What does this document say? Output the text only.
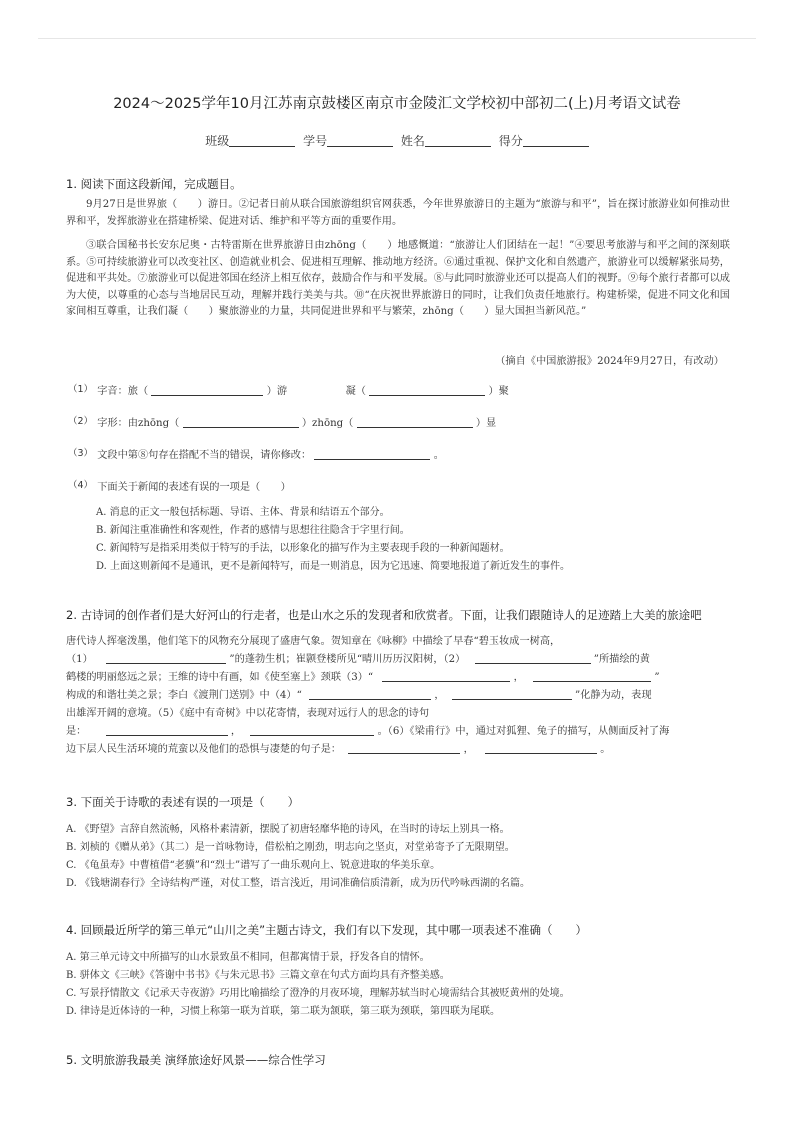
2024～2025学年10月江苏南京鼓楼区南京市金陵汇文学校初中部初二(上)月考语文试卷
班级	学号	姓名	得分
1. 阅读下面这段新闻，完成题目。

9月27日是世界旅（　　）游日。②记者日前从联合国旅游组织官网获悉，今年世界旅游日的主题为“旅游与和平”，旨在探讨旅游业如何推动世界和平，发挥旅游业在搭建桥梁、促进对话、维护和平等方面的重要作用。

③联合国秘书长安东尼奥・古特雷斯在世界旅游日由zhōng（　　）地感慨道：“旅游让人们团结在一起！”④要思考旅游与和平之间的深刻联系。⑤可持续旅游业可以改变社区、创造就业机会、促进相互理解、推动地方经济。⑥通过重视、保护文化和自然遗产，旅游业可以缓解紧张局势，促进和平共处。⑦旅游业可以促进邻国在经济上相互依存，鼓励合作与和平发展。⑧与此同时旅游业还可以提高人们的视野。⑨每个旅行者都可以成为大使，以尊重的心态与当地居民互动，理解并践行美美与共。⑩“在庆祝世界旅游日的同时，让我们负责任地旅行。构建桥梁，促进不同文化和国家间相互尊重，让我们凝（　　）聚旅游业的力量，共同促进世界和平与繁荣，zhōng（　　）显大国担当新风范。”

（摘自《中国旅游报》2024年9月27日，有改动）
（1） 字音：旅（	）游	凝（	）聚
（2） 字形：由zhōng（	）zhōng（	）显
（3） 文段中第⑧句存在搭配不当的错误，请你修改：	。
（4） 下面关于新闻的表述有误的一项是（　　）
A. 消息的正文一般包括标题、导语、主体、背景和结语五个部分。
B. 新闻注重准确性和客观性，作者的感情与思想往往隐含于字里行间。
C. 新闻特写是指采用类似于特写的手法，以形象化的描写作为主要表现手段的一种新闻题材。
D. 上面这则新闻不是通讯，更不是新闻特写，而是一则消息，因为它迅速、简要地报道了新近发生的事件。
2. 古诗词的创作者们是大好河山的行走者，也是山水之乐的发现者和欣赏者。下面，让我们跟随诗人的足迹踏上大美的旅途吧
唐代诗人挥毫泼墨，他们笔下的风物充分展现了盛唐气象。贺知章在《咏柳》中描绘了早春“碧玉妆成一树高，
（1）	”的蓬勃生机；崔颢登楼所见“晴川历历汉阳树，（2）	”所描绘的黄
鹤楼的明丽悠远之景；王维的诗中有画，如《使至塞上》颈联（3）“	，	”
构成的和谐壮美之景；李白《渡荆门送别》中（4）“	，	”化静为动，表现
出雄浑开阔的意境。（5）《庭中有奇树》中以花寄情，表现对远行人的思念的诗句
是：	，	。（6）《梁甫行》中，通过对狐狸、兔子的描写，从侧面反衬了海
边下层人民生活环境的荒蛮以及他们的恐惧与凄楚的句子是：	，	。
3. 下面关于诗歌的表述有误的一项是（　　）
A. 《野望》言辞自然流畅，风格朴素清新，摆脱了初唐轻靡华艳的诗风，在当时的诗坛上别具一格。
B. 刘桢的《赠从弟》（其二）是一首咏物诗，借松柏之刚劲，明志向之坚贞，对堂弟寄予了无限期望。
C. 《龟虽寿》中曹植借“老骥”和“烈士”谱写了一曲乐观向上、锐意进取的华美乐章。
D. 《钱塘湖春行》全诗结构严谨，对仗工整，语言浅近，用词准确信质清新，成为历代吟咏西湖的名篇。
4. 回顾最近所学的第三单元“山川之美”主题古诗文，我们有以下发现，其中哪一项表述不准确（　　）
A. 第三单元诗文中所描写的山水景致虽不相同，但都寓情于景，抒发各自的情怀。
B. 骈体文《三峡》《答谢中书书》《与朱元思书》三篇文章在句式方面均具有齐整美感。
C. 写景抒情散文《记承天寺夜游》巧用比喻描绘了澄净的月夜环境，理解苏轼当时心境需结合其被贬黄州的处境。
D. 律诗是近体诗的一种，习惯上称第一联为首联，第二联为颔联，第三联为颈联，第四联为尾联。
5. 文明旅游我最美 演绎旅途好风景——综合性学习
